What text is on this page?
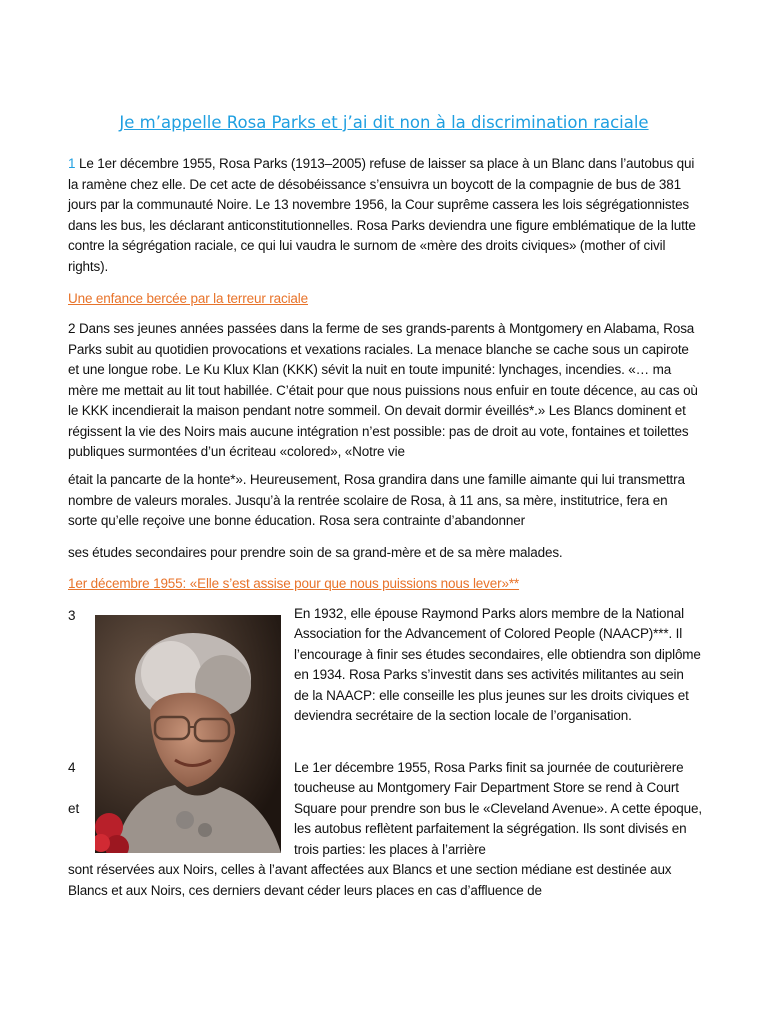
Je m’appelle Rosa Parks et j’ai dit non à la discrimination raciale
1 Le 1er décembre 1955, Rosa Parks (1913–2005) refuse de laisser sa place à un Blanc dans l’autobus qui la ramène chez elle. De cet acte de désobéissance s’ensuivra un boycott de la compagnie de bus de 381 jours par la communauté Noire. Le 13 novembre 1956, la Cour suprême cassera les lois ségrégationnistes dans les bus, les déclarant anticonstitutionnelles. Rosa Parks deviendra une figure emblématique de la lutte contre la ségrégation raciale, ce qui lui vaudra le surnom de «mère des droits civiques» (mother of civil rights).
Une enfance bercée par la terreur raciale
2 Dans ses jeunes années passées dans la ferme de ses grands-parents à Montgomery en Alabama, Rosa Parks subit au quotidien provocations et vexations raciales. La menace blanche se cache sous un capirote et une longue robe. Le Ku Klux Klan (KKK) sévit la nuit en toute impunité: lynchages, incendies. «… ma mère me mettait au lit tout habillée. C’était pour que nous puissions nous enfuir en toute décence, au cas où le KKK incendierait la maison pendant notre sommeil. On devait dormir éveillés*.» Les Blancs dominent et régissent la vie des Noirs mais aucune intégration n’est possible: pas de droit au vote, fontaines et toilettes publiques surmontées d’un écriteau «colored», «Notre vie
était la pancarte de la honte*». Heureusement, Rosa grandira dans une famille aimante qui lui transmettra nombre de valeurs morales. Jusqu’à la rentrée scolaire de Rosa, à 11 ans, sa mère, institutrice, fera en sorte qu’elle reçoive une bonne éducation. Rosa sera contrainte d’abandonner
ses études secondaires pour prendre soin de sa grand-mère et de sa mère malades.
1er décembre 1955: «Elle s’est assise pour que nous puissions nous lever»**
3	En 1932, elle épouse Raymond Parks alors membre de la National Association for the Advancement of Colored People (NAACP)***. Il l’encourage à finir ses études secondaires, elle obtiendra son diplôme en 1934. Rosa Parks s’investit dans ses activités militantes au sein de la NAACP: elle conseille les plus jeunes sur les droits civiques et deviendra secrétaire de la section locale de l’organisation.
4
et
Le 1er décembre 1955, Rosa Parks finit sa journée de couturièrere toucheuse au Montgomery Fair Department Store se rend à Court Square pour prendre son bus le «Cleveland Avenue». A cette époque, les autobus reflètent parfaitement la ségrégation. Ils sont divisés en trois parties: les places à l’arrière
sont réservées aux Noirs, celles à l’avant affectées aux Blancs et une section médiane est destinée aux Blancs et aux Noirs, ces derniers devant céder leurs places en cas d’affluence de
